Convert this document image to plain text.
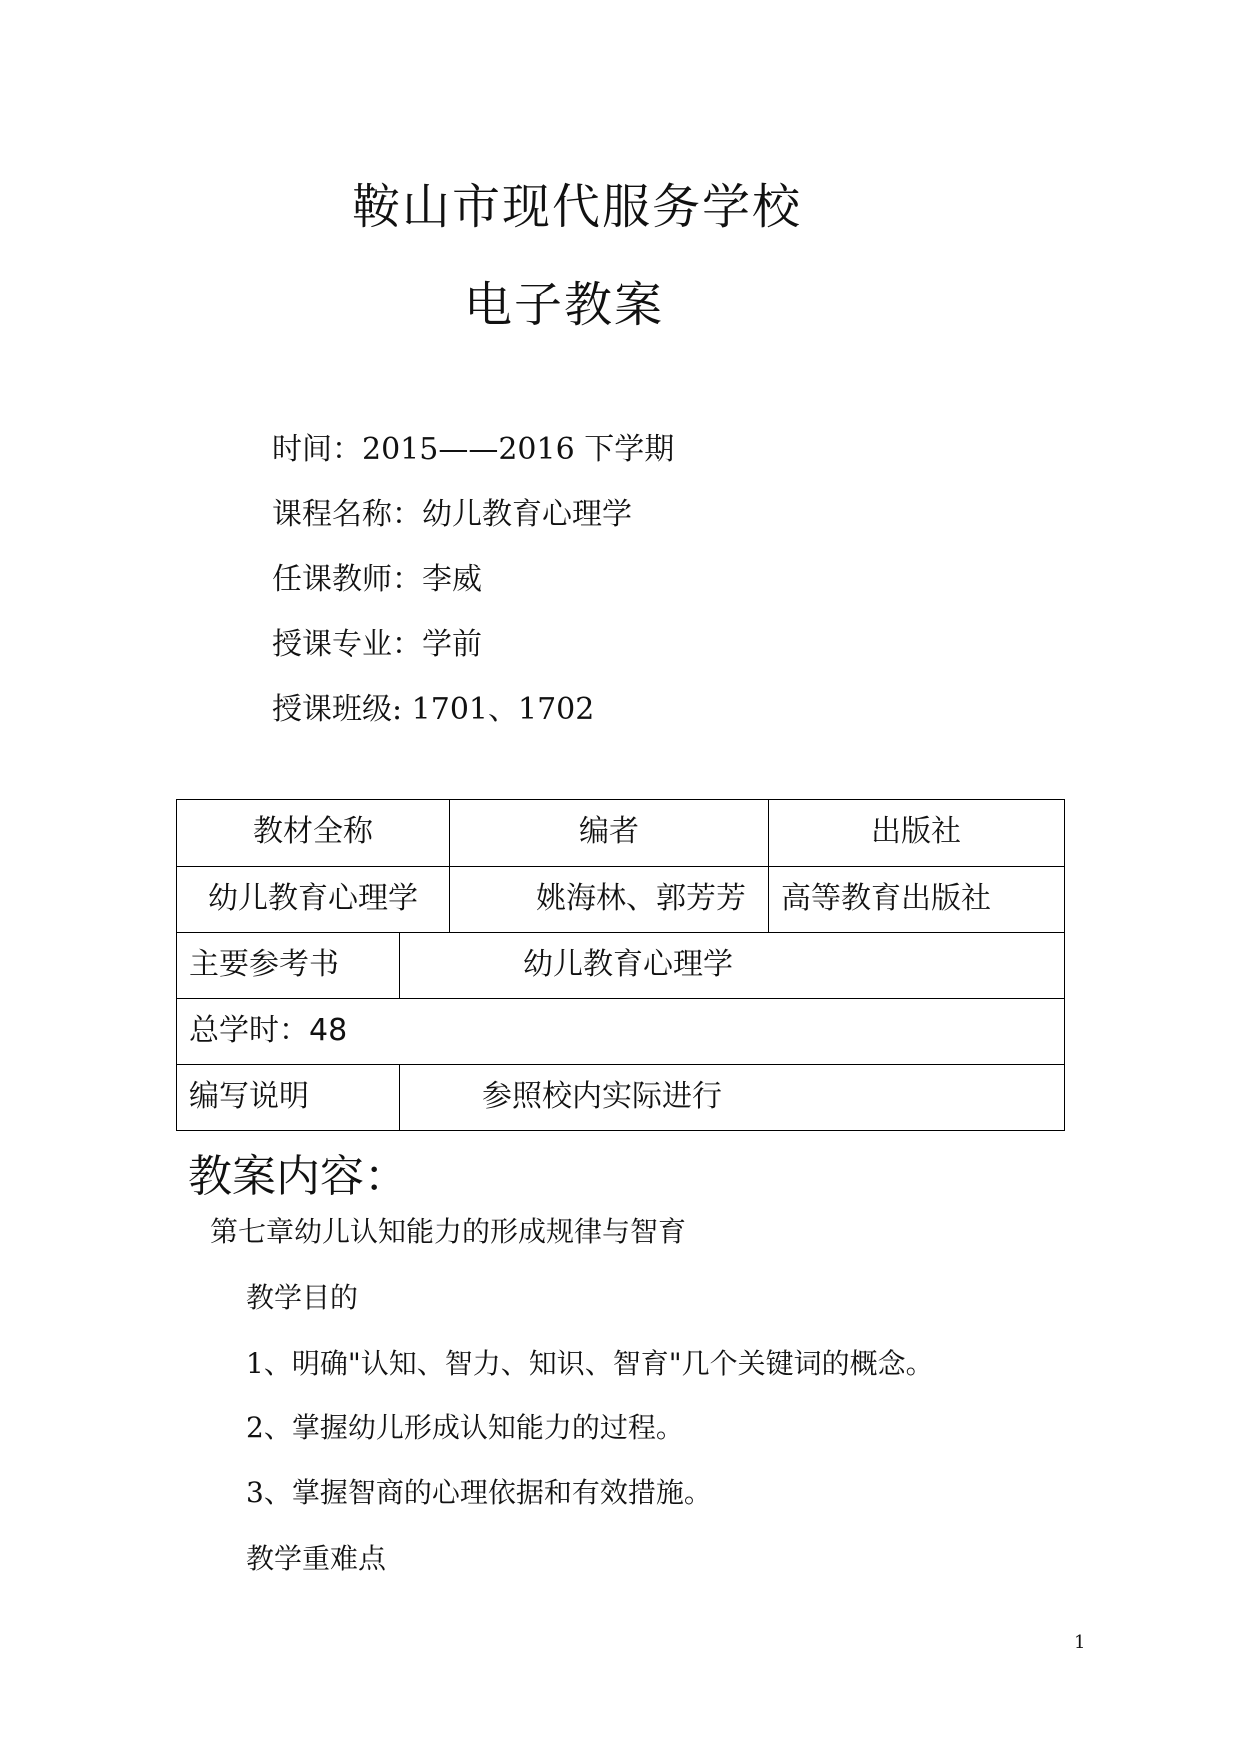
鞍山市现代服务学校
电子教案
时间：2015——2016 下学期
课程名称：幼儿教育心理学
任课教师：李威
授课专业：学前
授课班级: 1701、1702
教材全称	编者	出版社
幼儿教育心理学	姚海林、郭芳芳	高等教育出版社
主要参考书	幼儿教育心理学
总学时：48
编写说明	参照校内实际进行
教案内容：
第七章幼儿认知能力的形成规律与智育
教学目的
1、明确"认知、智力、知识、智育"几个关键词的概念。
2、掌握幼儿形成认知能力的过程。
3、掌握智商的心理依据和有效措施。
教学重难点
1
